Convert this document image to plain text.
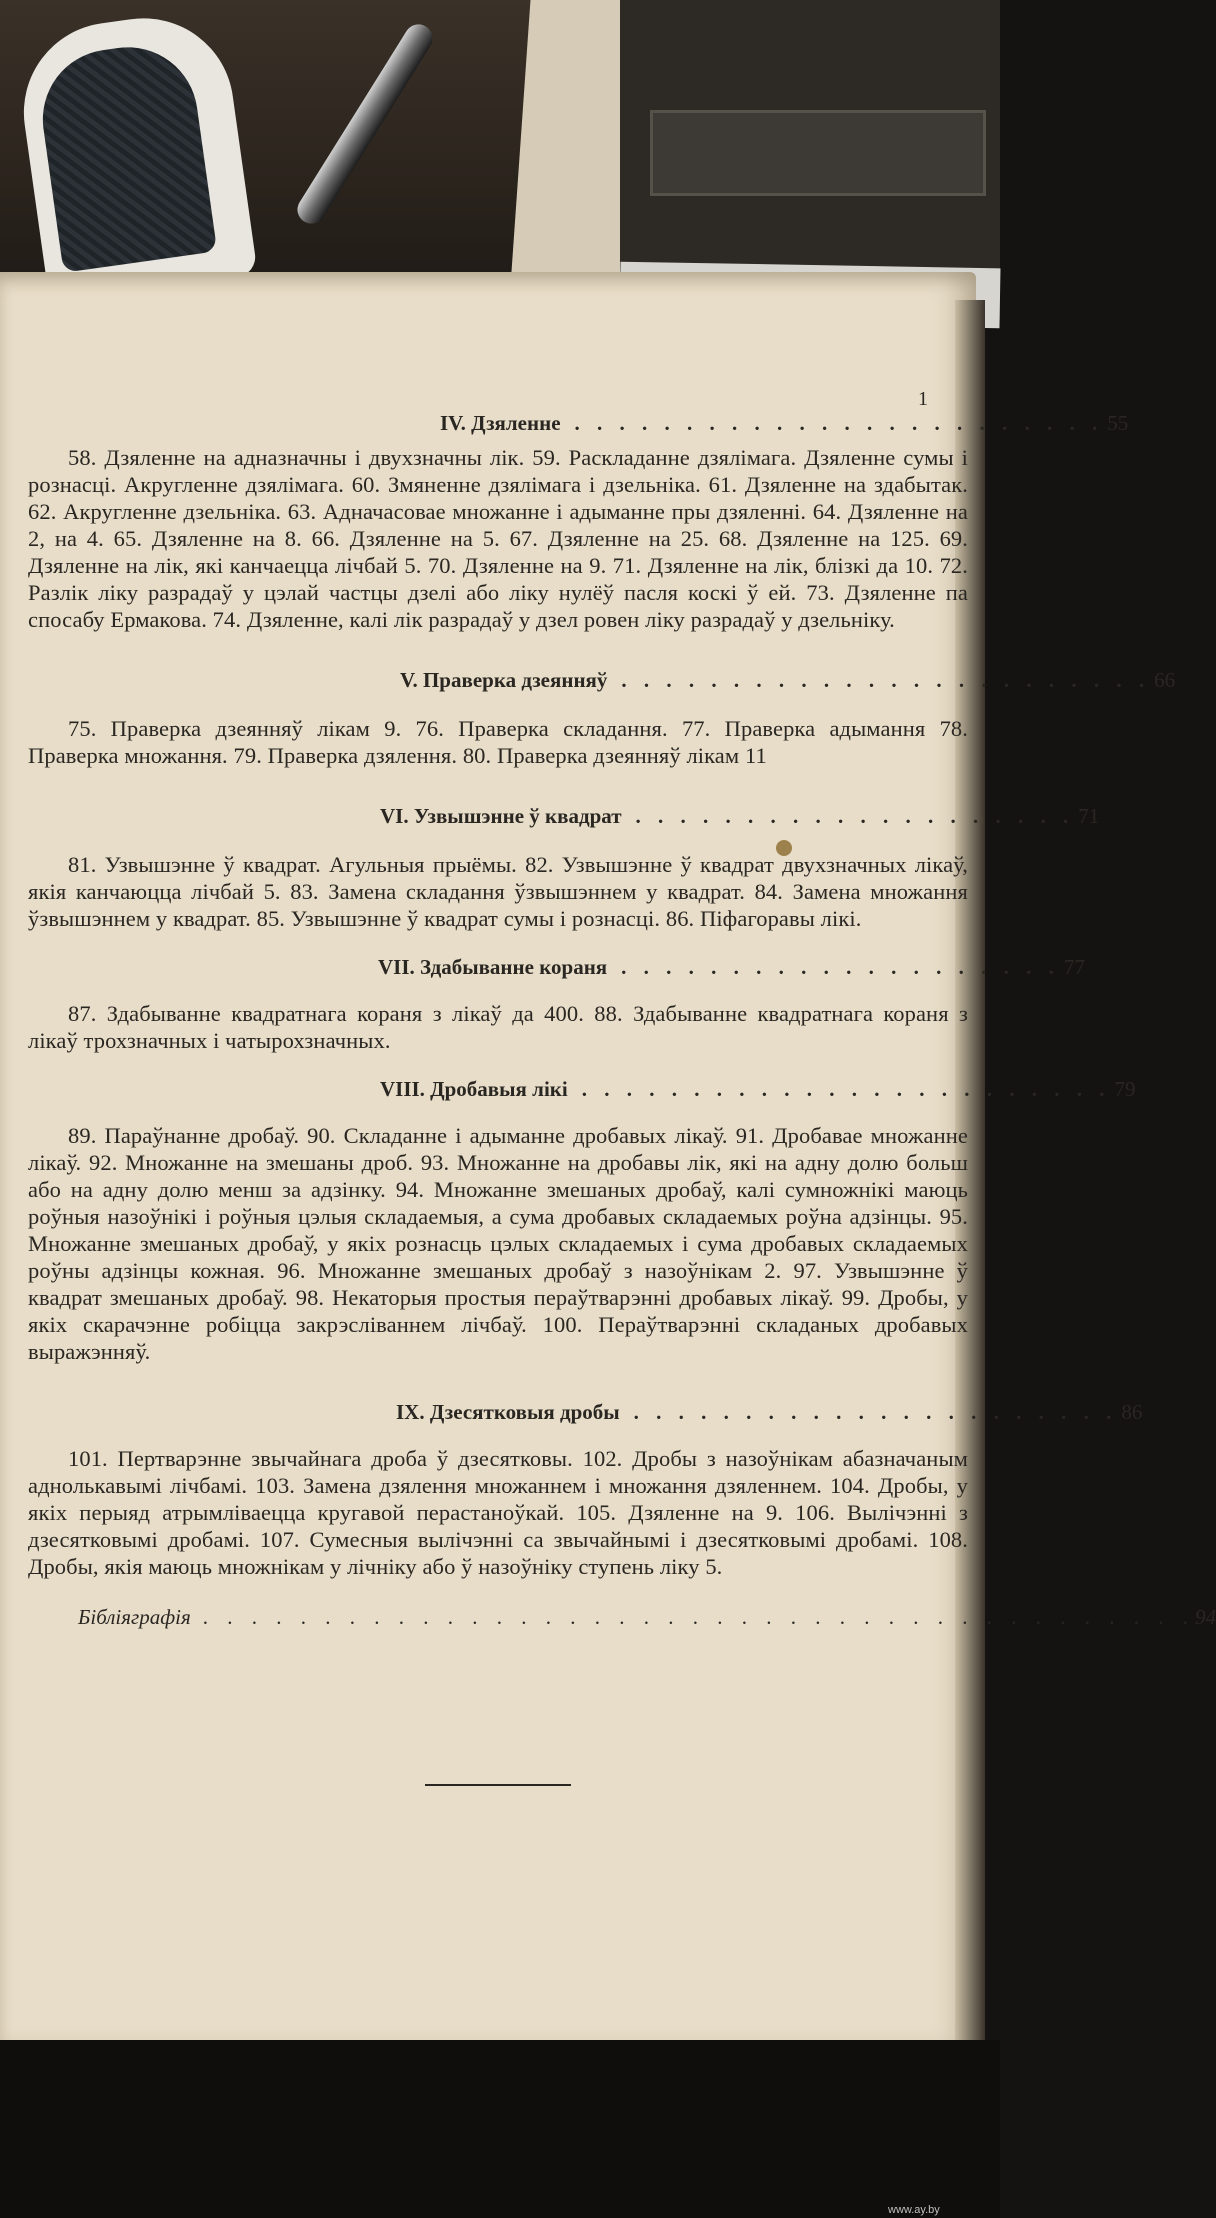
1
IV. Дзяленне . . . . . . . . . . . . . . . . . . . . . . . . 55
58. Дзяленне на адназначны і двухзначны лік. 59. Раскладанне дзялімага. Дзяленне сумы і рознасці. Акругленне дзялімага. 60. Змяненне дзялімага і дзельніка. 61. Дзяленне на здабытак. 62. Акругленне дзельніка. 63. Адначасовае множанне і адыманне пры дзяленні. 64. Дзяленне на 2, на 4. 65. Дзяленне на 8. 66. Дзяленне на 5. 67. Дзяленне на 25. 68. Дзяленне на 125. 69. Дзяленне на лік, які канчаецца лічбай 5. 70. Дзяленне на 9. 71. Дзяленне на лік, блізкі да 10. 72. Разлік ліку разрадаў у цэлай частцы дзелі або ліку нулёў пасля коскі ў ей. 73. Дзяленне па спосабу Ермакова. 74. Дзяленне, калі лік разрадаў у дзел ровен ліку разрадаў у дзельніку.
V. Праверка дзеянняў . . . . . . . . . . . . . . . . . . . . . . . . 66
75. Праверка дзеянняў лікам 9. 76. Праверка складання. 77. Праверка адымання 78. Праверка множання. 79. Праверка дзялення. 80. Праверка дзеянняў лікам 11
VI. Узвышэнне ў квадрат . . . . . . . . . . . . . . . . . . . . 71
81. Узвышэнне ў квадрат. Агульныя прыёмы. 82. Узвышэнне ў квадрат двухзначных лікаў, якія канчаюцца лічбай 5. 83. Замена складання ўзвышэннем у квадрат. 84. Замена множання ўзвышэннем у квадрат. 85. Узвышэнне ў квадрат сумы і рознасці. 86. Піфагоравы лікі.
VII. Здабыванне кораня . . . . . . . . . . . . . . . . . . . . 77
87. Здабыванне квадратнага кораня з лікаў да 400. 88. Здабыванне квадратнага кораня з лікаў трохзначных і чатырохзначных.
VIII. Дробавыя лікі . . . . . . . . . . . . . . . . . . . . . . . . 79
89. Параўнанне дробаў. 90. Складанне і адыманне дробавых лікаў. 91. Дробавае множанне лікаў. 92. Множанне на змешаны дроб. 93. Множанне на дробавы лік, які на адну долю больш або на адну долю менш за адзінку. 94. Множанне змешаных дробаў, калі сумножнікі маюць роўныя назоўнікі і роўныя цэлыя складаемыя, а сума дробавых складаемых роўна адзінцы. 95. Множанне змешаных дробаў, у якіх рознасць цэлых складаемых і сума дробавых складаемых роўны адзінцы кожная. 96. Множанне змешаных дробаў з назоўнікам 2. 97. Узвышэнне ў квадрат змешаных дробаў. 98. Некаторыя простыя пераўтварэнні дробавых лікаў. 99. Дробы, у якіх скарачэнне робіцца закрэсліваннем лічбаў. 100. Пераўтварэнні складаных дробавых выражэнняў.
IX. Дзесятковыя дробы . . . . . . . . . . . . . . . . . . . . . . 86
101. Пертварэнне звычайнага дроба ў дзесятковы. 102. Дробы з назоўнікам абазначаным аднолькавымі лічбамі. 103. Замена дзялення множаннем і множання дзяленнем. 104. Дробы, у якіх перыяд атрымліваецца кругавой перастаноўкай. 105. Дзяленне на 9. 106. Вылічэнні з дзесятковымі дробамі. 107. Сумесныя вылічэнні са звычайнымі і дзесятковымі дробамі. 108. Дробы, якія маюць множнікам у лічніку або ў назоўніку ступень ліку 5.
Бібліяграфія . . . . . . . . . . . . . . . . . . . . . . . . . . . . . . . . . . . . . . . . . 94
www.ay.by
